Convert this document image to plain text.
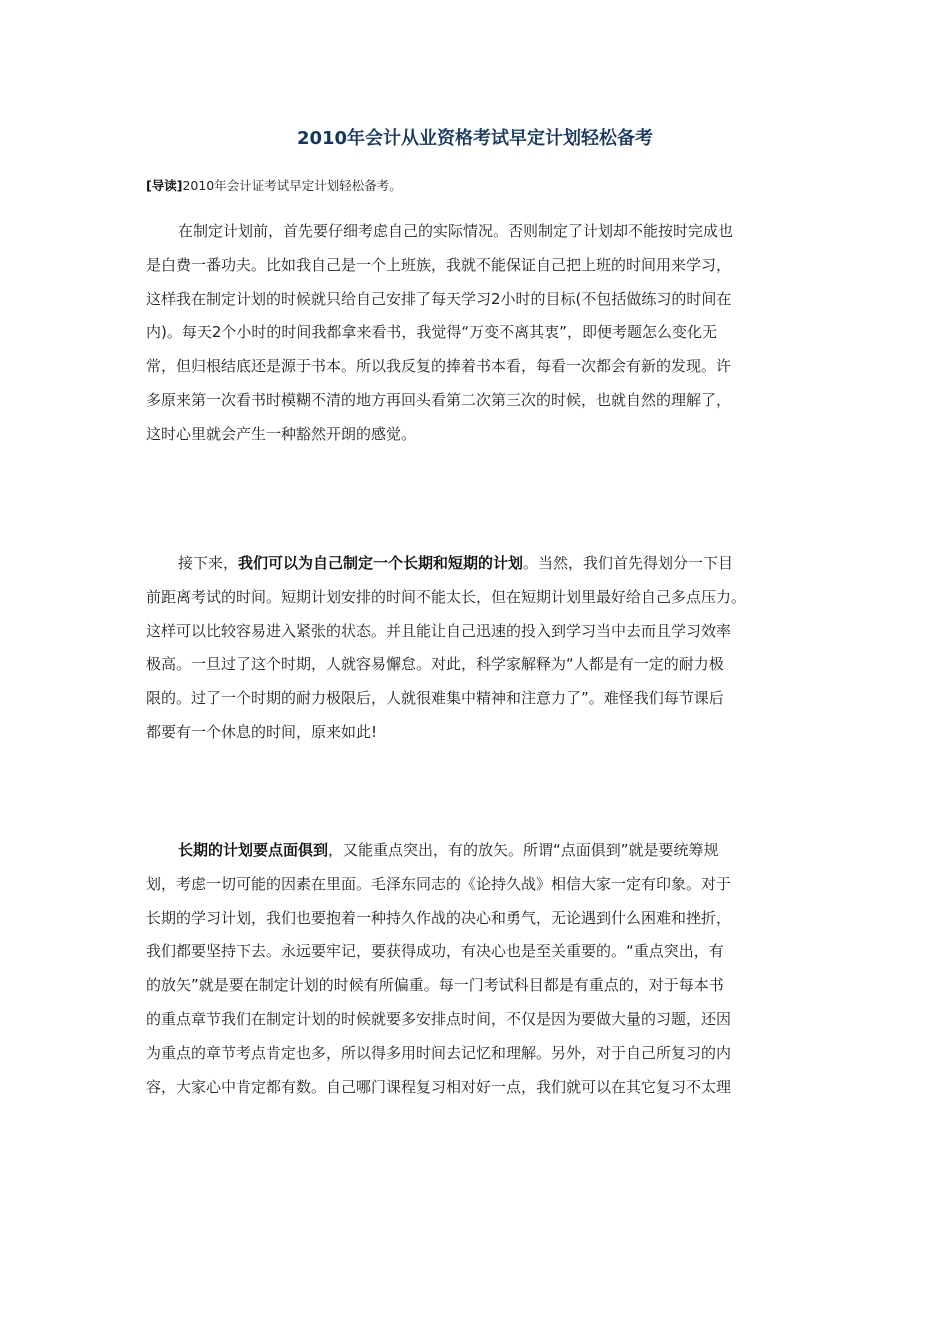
2010年会计从业资格考试早定计划轻松备考
[导读]2010年会计证考试早定计划轻松备考。
在制定计划前，首先要仔细考虑自己的实际情况。否则制定了计划却不能按时完成也
是白费一番功夫。比如我自己是一个上班族，我就不能保证自己把上班的时间用来学习，
这样我在制定计划的时候就只给自己安排了每天学习2小时的目标(不包括做练习的时间在
内)。每天2个小时的时间我都拿来看书，我觉得“万变不离其衷”，即便考题怎么变化无
常，但归根结底还是源于书本。所以我反复的捧着书本看，每看一次都会有新的发现。许
多原来第一次看书时模糊不清的地方再回头看第二次第三次的时候，也就自然的理解了，
这时心里就会产生一种豁然开朗的感觉。
接下来，我们可以为自己制定一个长期和短期的计划。当然，我们首先得划分一下目
前距离考试的时间。短期计划安排的时间不能太长，但在短期计划里最好给自己多点压力。
这样可以比较容易进入紧张的状态。并且能让自己迅速的投入到学习当中去而且学习效率
极高。一旦过了这个时期，人就容易懈怠。对此，科学家解释为“人都是有一定的耐力极
限的。过了一个时期的耐力极限后，人就很难集中精神和注意力了”。难怪我们每节课后
都要有一个休息的时间，原来如此!
长期的计划要点面俱到，又能重点突出，有的放矢。所谓“点面俱到”就是要统筹规
划，考虑一切可能的因素在里面。毛泽东同志的《论持久战》相信大家一定有印象。对于
长期的学习计划，我们也要抱着一种持久作战的决心和勇气，无论遇到什么困难和挫折，
我们都要坚持下去。永远要牢记，要获得成功，有决心也是至关重要的。“重点突出，有
的放矢”就是要在制定计划的时候有所偏重。每一门考试科目都是有重点的，对于每本书
的重点章节我们在制定计划的时候就要多安排点时间，不仅是因为要做大量的习题，还因
为重点的章节考点肯定也多，所以得多用时间去记忆和理解。另外，对于自己所复习的内
容，大家心中肯定都有数。自己哪门课程复习相对好一点，我们就可以在其它复习不太理
